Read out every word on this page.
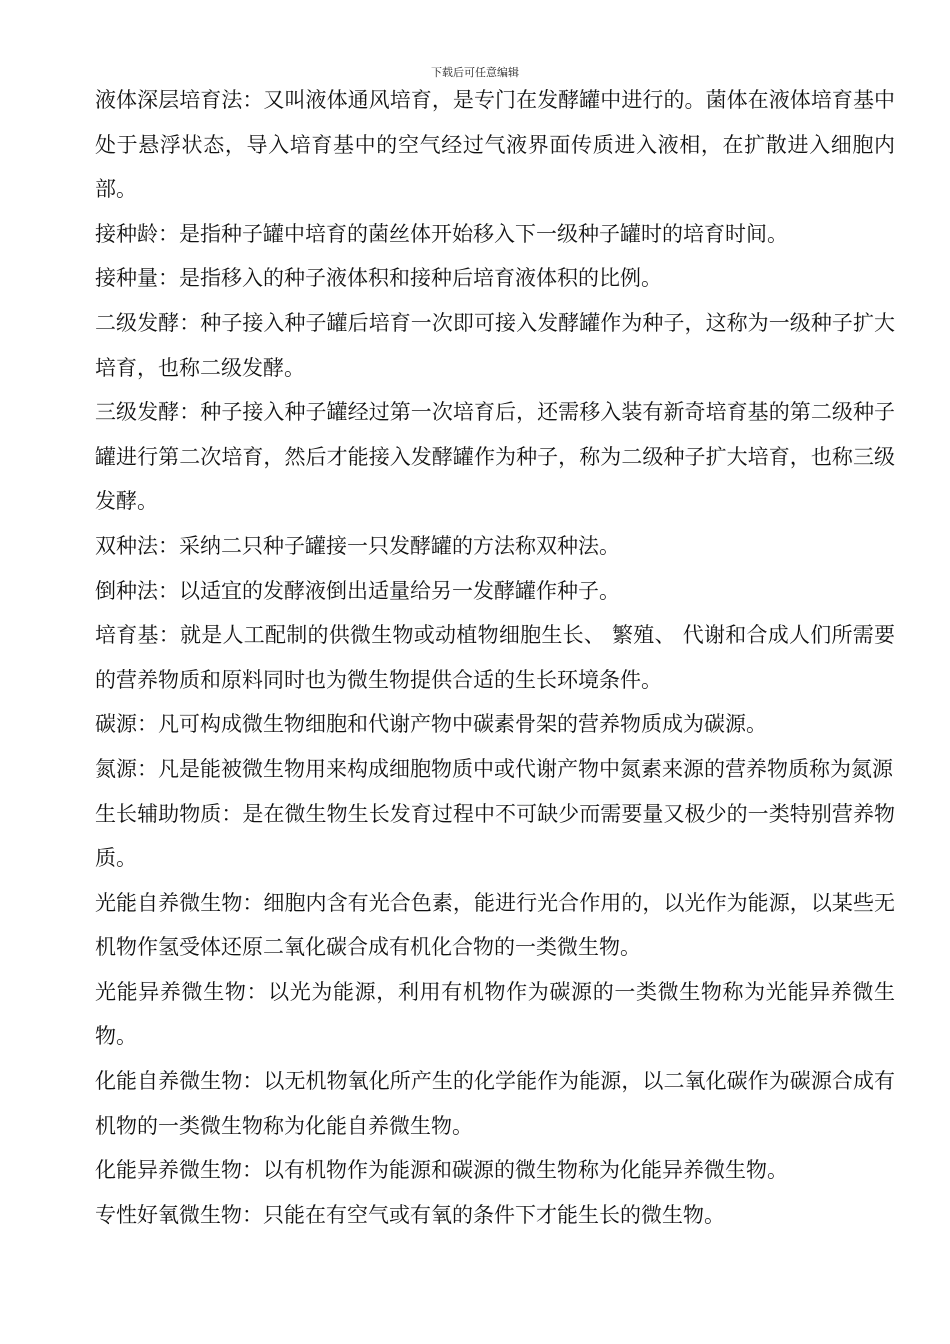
下载后可任意编辑

液体深层培育法：又叫液体通风培育，是专门在发酵罐中进行的。菌体在液体培育基中处于悬浮状态，导入培育基中的空气经过气液界面传质进入液相，在扩散进入细胞内部。

接种龄：是指种子罐中培育的菌丝体开始移入下一级种子罐时的培育时间。

接种量：是指移入的种子液体积和接种后培育液体积的比例。

二级发酵：种子接入种子罐后培育一次即可接入发酵罐作为种子，这称为一级种子扩大培育，也称二级发酵。

三级发酵：种子接入种子罐经过第一次培育后，还需移入装有新奇培育基的第二级种子罐进行第二次培育，然后才能接入发酵罐作为种子，称为二级种子扩大培育，也称三级发酵。

双种法：采纳二只种子罐接一只发酵罐的方法称双种法。

倒种法：以适宜的发酵液倒出适量给另一发酵罐作种子。

培育基：就是人工配制的供微生物或动植物细胞生长、 繁殖、 代谢和合成人们所需要的营养物质和原料同时也为微生物提供合适的生长环境条件。

碳源：凡可构成微生物细胞和代谢产物中碳素骨架的营养物质成为碳源。

氮源：凡是能被微生物用来构成细胞物质中或代谢产物中氮素来源的营养物质称为氮源

生长辅助物质：是在微生物生长发育过程中不可缺少而需要量又极少的一类特别营养物质。

光能自养微生物：细胞内含有光合色素，能进行光合作用的，以光作为能源，以某些无机物作氢受体还原二氧化碳合成有机化合物的一类微生物。

光能异养微生物：以光为能源，利用有机物作为碳源的一类微生物称为光能异养微生物。

化能自养微生物：以无机物氧化所产生的化学能作为能源，以二氧化碳作为碳源合成有机物的一类微生物称为化能自养微生物。

化能异养微生物：以有机物作为能源和碳源的微生物称为化能异养微生物。

专性好氧微生物：只能在有空气或有氧的条件下才能生长的微生物。
